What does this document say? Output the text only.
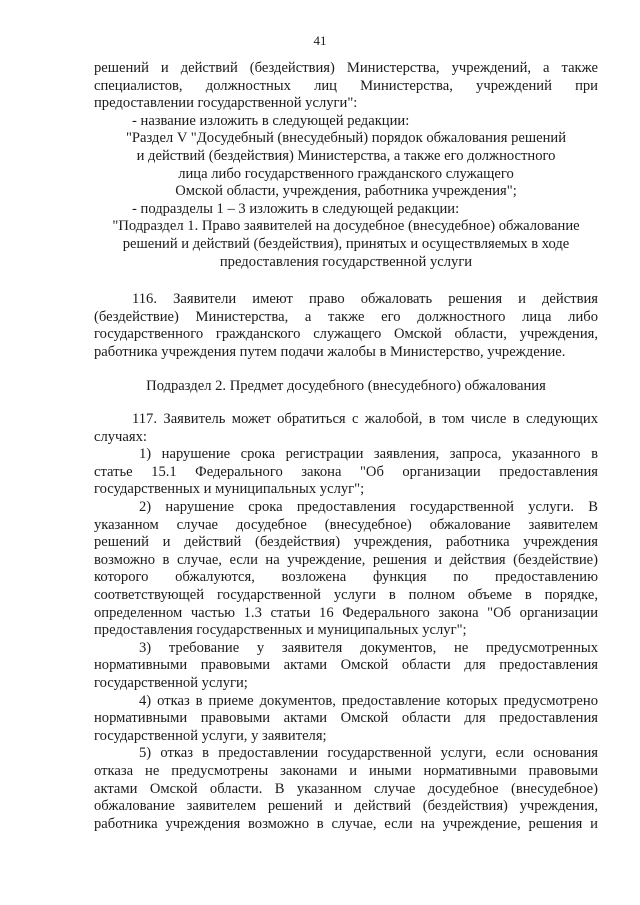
41
решений и действий (бездействия) Министерства, учреждений, а также
специалистов, должностных лиц Министерства, учреждений при
предоставлении государственной услуги":
- название изложить в следующей редакции:
"Раздел V "Досудебный (внесудебный) порядок обжалования решений
и действий (бездействия) Министерства, а также его должностного
лица либо государственного гражданского служащего
Омской области, учреждения, работника учреждения";
- подразделы 1 – 3 изложить в следующей редакции:
"Подраздел 1. Право заявителей на досудебное (внесудебное) обжалование
решений и действий (бездействия), принятых и осуществляемых в ходе
предоставления государственной услуги
116. Заявители имеют право обжаловать решения и действия
(бездействие) Министерства, а также его должностного лица либо
государственного гражданского служащего Омской области, учреждения,
работника учреждения путем подачи жалобы в Министерство, учреждение.
Подраздел 2. Предмет досудебного (внесудебного) обжалования
117. Заявитель может обратиться с жалобой, в том числе в следующих
случаях:
1) нарушение срока регистрации заявления, запроса, указанного в
статье 15.1 Федерального закона "Об организации предоставления
государственных и муниципальных услуг";
2) нарушение срока предоставления государственной услуги. В
указанном случае досудебное (внесудебное) обжалование заявителем
решений и действий (бездействия) учреждения, работника учреждения
возможно в случае, если на учреждение, решения и действия (бездействие)
которого обжалуются, возложена функция по предоставлению
соответствующей государственной услуги в полном объеме в порядке,
определенном частью 1.3 статьи 16 Федерального закона "Об организации
предоставления государственных и муниципальных услуг";
3) требование у заявителя документов, не предусмотренных
нормативными правовыми актами Омской области для предоставления
государственной услуги;
4) отказ в приеме документов, предоставление которых предусмотрено
нормативными правовыми актами Омской области для предоставления
государственной услуги, у заявителя;
5) отказ в предоставлении государственной услуги, если основания
отказа не предусмотрены законами и иными нормативными правовыми
актами Омской области. В указанном случае досудебное (внесудебное)
обжалование заявителем решений и действий (бездействия) учреждения,
работника учреждения возможно в случае, если на учреждение, решения и
